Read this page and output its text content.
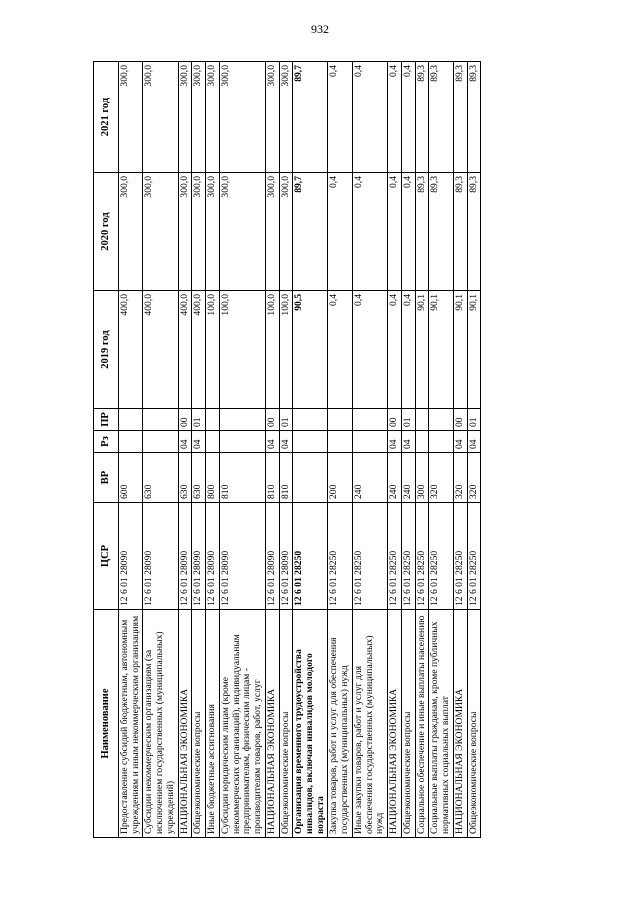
932
Наименование	ЦСР	ВР	Рз	ПР	2019 год	2020 год	2021 год
Предоставление субсидий бюджетным, автономным учреждениям и иным некоммерческим организациям	12 6 01 28090	600			400,0	300,0	300,0
Субсидии некоммерческим организациям (за исключением государственных (муниципальных) учреждений)	12 6 01 28090	630			400,0	300,0	300,0
НАЦИОНАЛЬНАЯ ЭКОНОМИКА	12 6 01 28090	630	04	00	400,0	300,0	300,0
Общеэкономические вопросы	12 6 01 28090	630	04	01	400,0	300,0	300,0
Иные бюджетные ассигнования	12 6 01 28090	800			100,0	300,0	300,0
Субсидии юридическим лицам (кроме некоммерческих организаций), индивидуальным предпринимателям, физическим лицам - производителям товаров, работ, услуг	12 6 01 28090	810			100,0	300,0	300,0
НАЦИОНАЛЬНАЯ ЭКОНОМИКА	12 6 01 28090	810	04	00	100,0	300,0	300,0
Общеэкономические вопросы	12 6 01 28090	810	04	01	100,0	300,0	300,0
Организация временного трудоустройства инвалидов, включая инвалидов молодого возраста	12 6 01 28250				90,5	89,7	89,7
Закупка товаров, работ и услуг для обеспечения государственных (муниципальных) нужд	12 6 01 28250	200			0,4	0,4	0,4
Иные закупки товаров, работ и услуг для обеспечения государственных (муниципальных) нужд	12 6 01 28250	240			0,4	0,4	0,4
НАЦИОНАЛЬНАЯ ЭКОНОМИКА	12 6 01 28250	240	04	00	0,4	0,4	0,4
Общеэкономические вопросы	12 6 01 28250	240	04	01	0,4	0,4	0,4
Социальное обеспечение и иные выплаты населению	12 6 01 28250	300			90,1	89,3	89,3
Социальные выплаты гражданам, кроме публичных нормативных социальных выплат	12 6 01 28250	320			90,1	89,3	89,3
НАЦИОНАЛЬНАЯ ЭКОНОМИКА	12 6 01 28250	320	04	00	90,1	89,3	89,3
Общеэкономические вопросы	12 6 01 28250	320	04	01	90,1	89,3	89,3
